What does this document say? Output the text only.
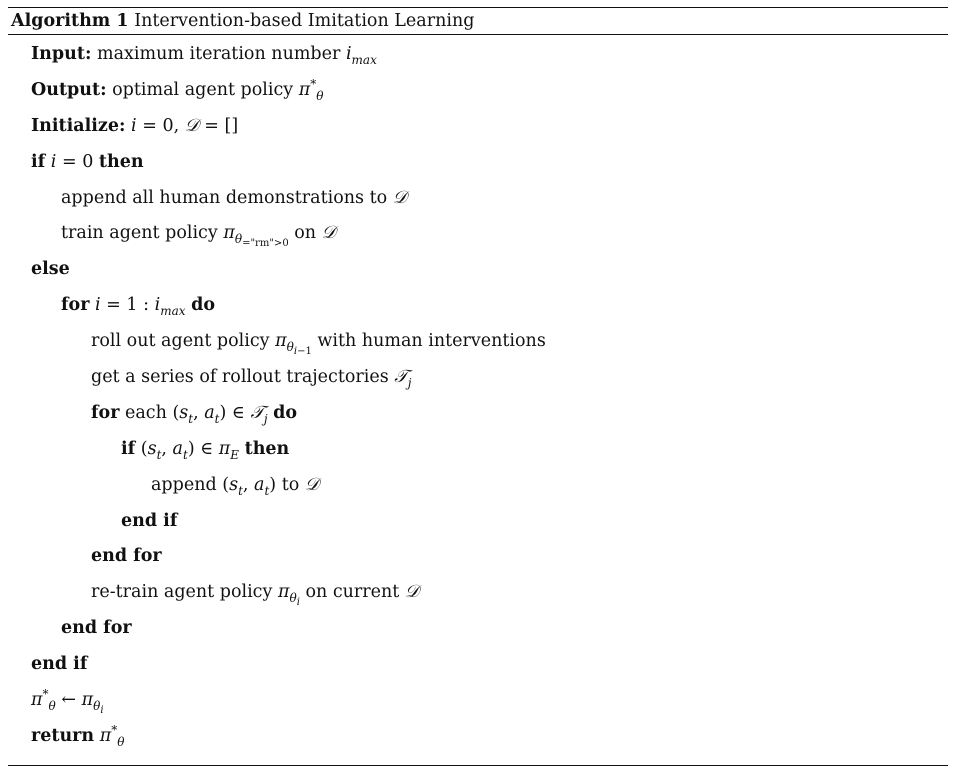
Algorithm 1 Intervention-based Imitation Learning
Input: maximum iteration number $i_{max}$
Output: optimal agent policy $\pi^*_\theta$
Initialize: i = 0, 𝒟 = []
if i = 0 then
append all human demonstrations to 𝒟
train agent policy $\pi_{\theta_{="rm">0}}$ on 𝒟
else
for i = 1 : $i_{max}$ do
roll out agent policy $\pi_{\theta_{i-1}}$ with human interventions
get a series of rollout trajectories 𝒯$_j$
for each ($s_t$, $a_t$) ∈ 𝒯$_j$ do
if ($s_t$, $a_t$) ∈ $\pi_E$ then
append ($s_t$, $a_t$) to 𝒟
end if
end for
re-train agent policy $\pi_{\theta_i}$ on current 𝒟
end for
end if
$\pi^*_\theta$ ← $\pi_{\theta_i}$
return $\pi^*_\theta$
